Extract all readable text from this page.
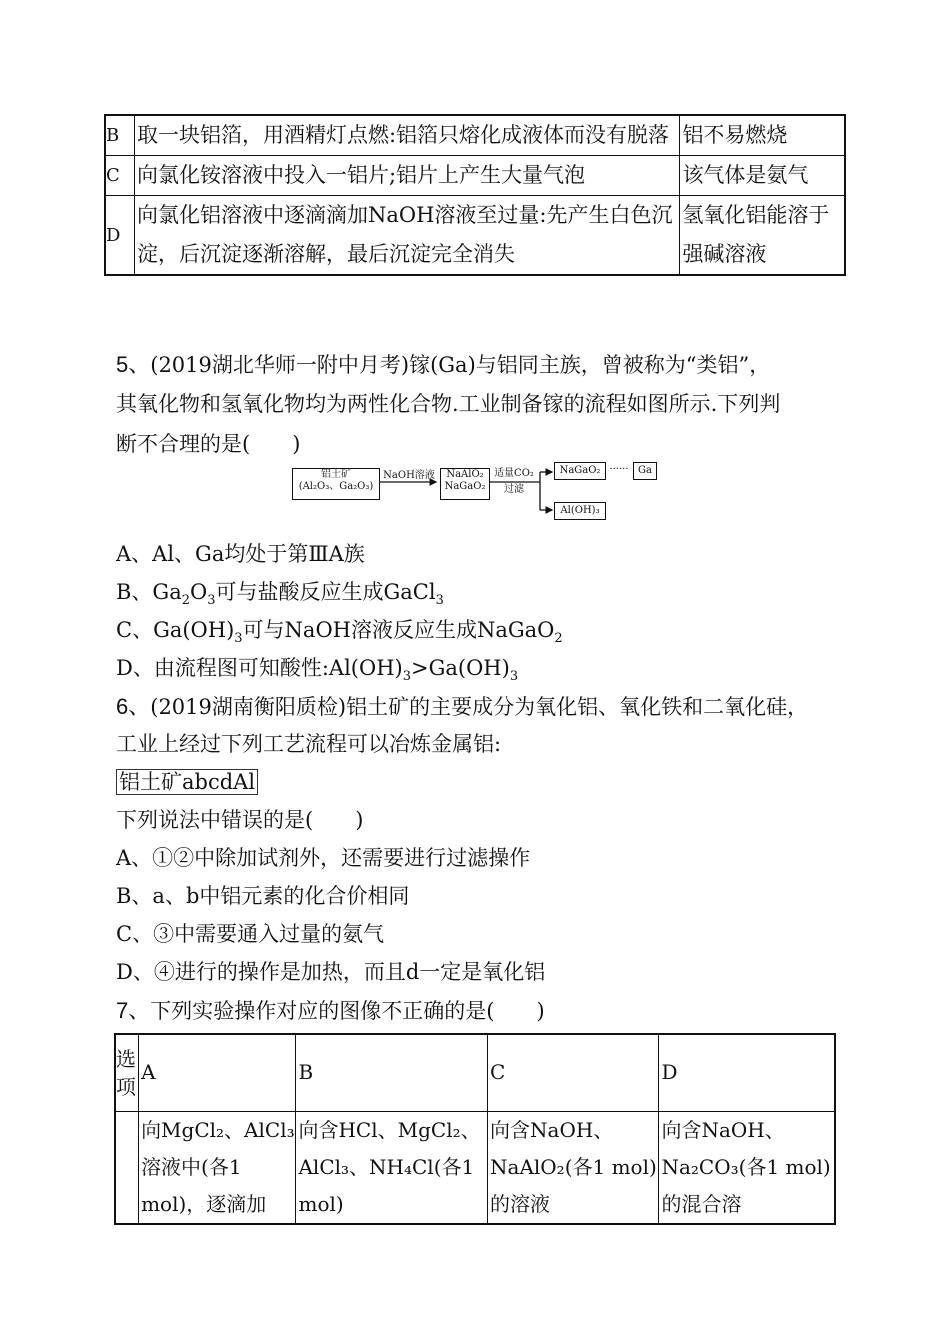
B	取一块铝箔，用酒精灯点燃:铝箔只熔化成液体而没有脱落	铝不易燃烧
C	向氯化铵溶液中投入一铝片;铝片上产生大量气泡	该气体是氨气
D	向氯化铝溶液中逐滴滴加NaOH溶液至过量:先产生白色沉淀，后沉淀逐渐溶解，最后沉淀完全消失	氢氧化铝能溶于强碱溶液
5、(2019湖北华师一附中月考)镓(Ga)与铝同主族，曾被称为“类铝”，
其氧化物和氢氧化物均为两性化合物.工业制备镓的流程如图所示.下列判
断不合理的是(　　)
铝土矿
(Al₂O₃、Ga₂O₃)
NaOH溶液	NaAlO₂
NaGaO₂
适量CO₂
过滤
NaGaO₂ ······ Ga
Al(OH)₃
A、Al、Ga均处于第ⅢA族
B、$Ga_2O_3$可与盐酸反应生成GaCl$_3$
C、$Ga(OH)_3$可与NaOH溶液反应生成NaGaO$_2$
D、由流程图可知酸性$:Al(OH)_3>Ga(OH)_3$
6、(2019湖南衡阳质检)铝土矿的主要成分为氧化铝、氧化铁和二氧化硅，
工业上经过下列工艺流程可以冶炼金属铝:
铝土矿abcdAl
下列说法中错误的是(　　)
A、①②中除加试剂外，还需要进行过滤操作
B、a、b中铝元素的化合价相同
C、③中需要通入过量的氨气
D、④进行的操作是加热，而且d一定是氧化铝
7、下列实验操作对应的图像不正确的是(　　)
选项	A	B	C	D
	向MgCl₂、AlCl₃溶液中(各1 mol)，逐滴加	向含HCl、MgCl₂、AlCl₃、NH₄Cl(各1 mol)	向含NaOH、NaAlO₂(各1 mol)的溶液	向含NaOH、Na₂CO₃(各1 mol)的混合溶
